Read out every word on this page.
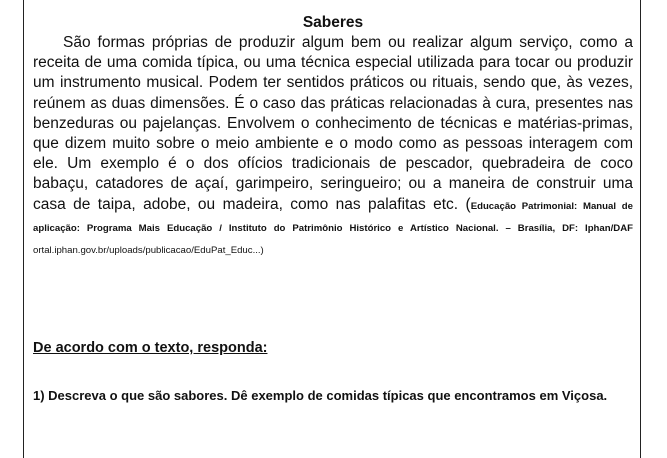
Saberes

São formas próprias de produzir algum bem ou realizar algum serviço, como a receita de uma comida típica, ou uma técnica especial utilizada para tocar ou produzir um instrumento musical. Podem ter sentidos práticos ou rituais, sendo que, às vezes, reúnem as duas dimensões. É o caso das práticas relacionadas à cura, presentes nas benzeduras ou pajelanças. Envolvem o conhecimento de técnicas e matérias-primas, que dizem muito sobre o meio ambiente e o modo como as pessoas interagem com ele. Um exemplo é o dos ofícios tradicionais de pescador, quebradeira de coco babaçu, catadores de açaí, garimpeiro, seringueiro; ou a maneira de construir uma casa de taipa, adobe, ou madeira, como nas palafitas etc. (Educação Patrimonial: Manual de aplicação: Programa Mais Educação / Instituto do Patrimônio Histórico e Artístico Nacional. – Brasília, DF: Iphan/DAF ortal.iphan.gov.br/uploads/publicacao/EduPat_Educ...)

De acordo com o texto, responda:

1) Descreva o que são sabores. Dê exemplo de comidas típicas que encontramos em Viçosa.
